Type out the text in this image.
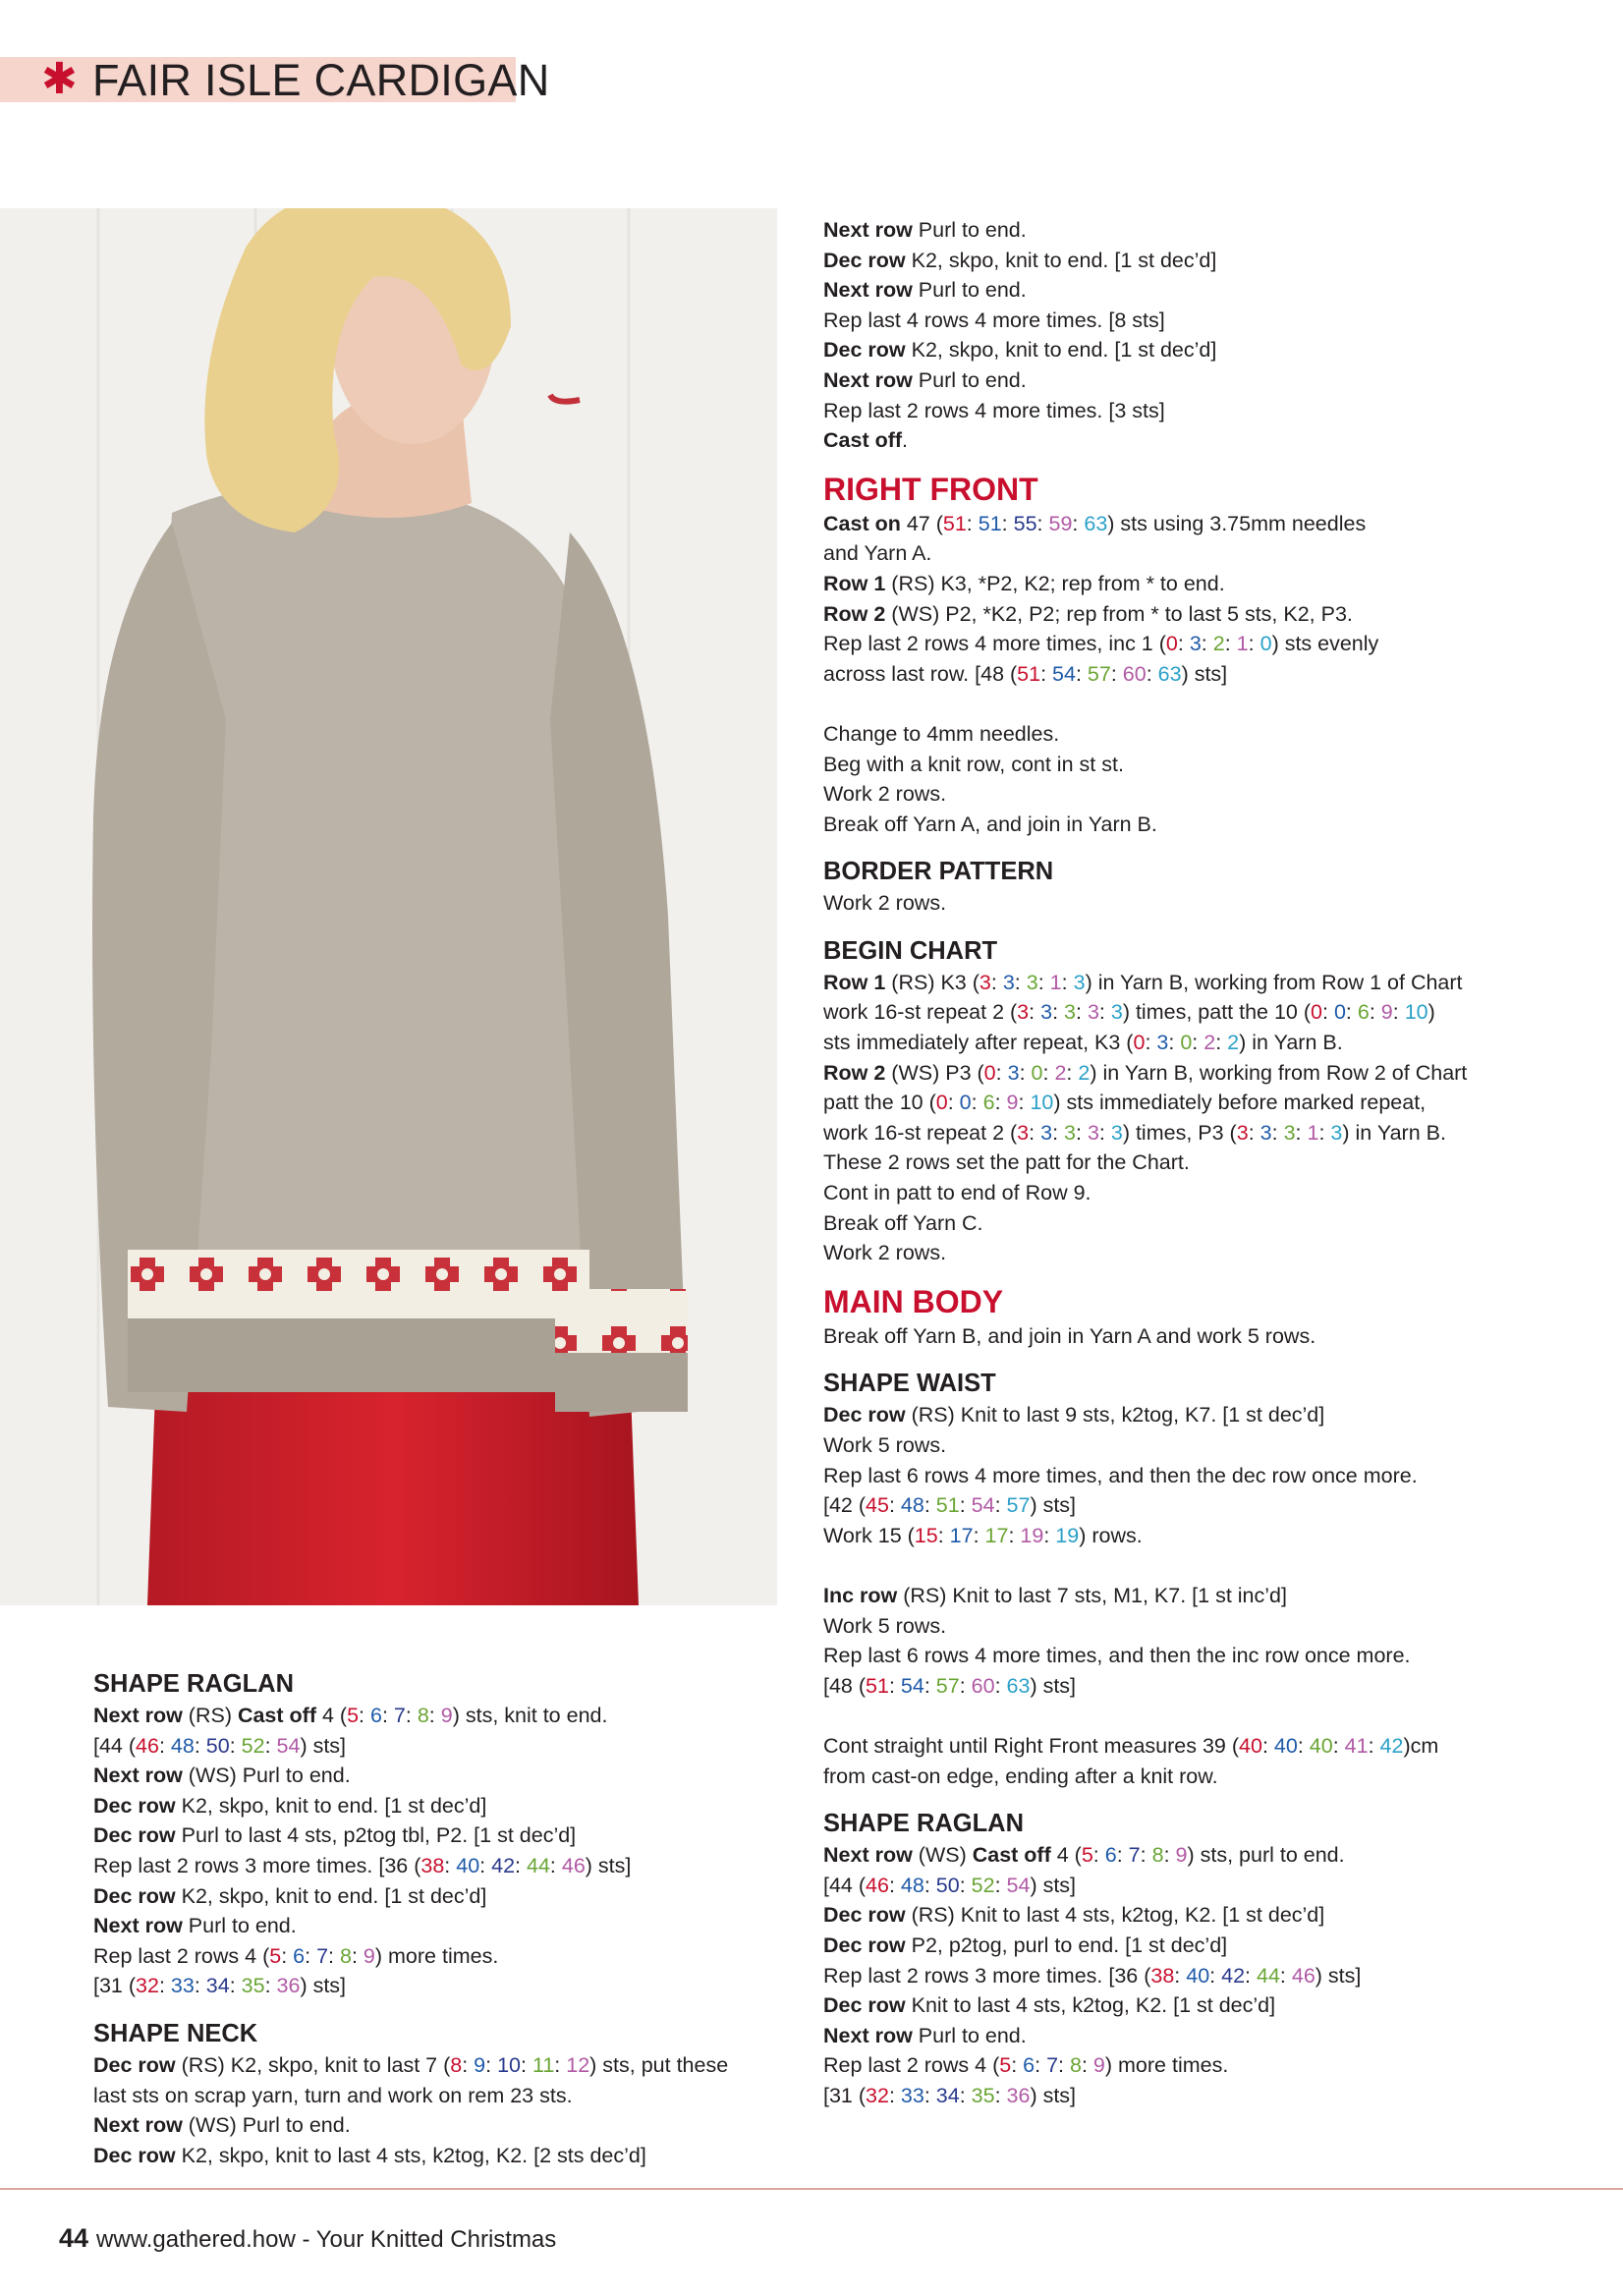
✱ FAIR ISLE CARDIGAN
SHAPE RAGLAN
Next row (RS) Cast off 4 (5: 6: 7: 8: 9) sts, knit to end.
[44 (46: 48: 50: 52: 54) sts]
Next row (WS) Purl to end.
Dec row K2, skpo, knit to end. [1 st dec’d]
Dec row Purl to last 4 sts, p2tog tbl, P2. [1 st dec’d]
Rep last 2 rows 3 more times. [36 (38: 40: 42: 44: 46) sts]
Dec row K2, skpo, knit to end. [1 st dec’d]
Next row Purl to end.
Rep last 2 rows 4 (5: 6: 7: 8: 9) more times.
[31 (32: 33: 34: 35: 36) sts]
SHAPE NECK
Dec row (RS) K2, skpo, knit to last 7 (8: 9: 10: 11: 12) sts, put these
last sts on scrap yarn, turn and work on rem 23 sts.
Next row (WS) Purl to end.
Dec row K2, skpo, knit to last 4 sts, k2tog, K2. [2 sts dec’d]
Next row Purl to end.
Dec row K2, skpo, knit to end. [1 st dec’d]
Next row Purl to end.
Rep last 4 rows 4 more times. [8 sts]
Dec row K2, skpo, knit to end. [1 st dec’d]
Next row Purl to end.
Rep last 2 rows 4 more times. [3 sts]
Cast off.
RIGHT FRONT
Cast on 47 (51: 51: 55: 59: 63) sts using 3.75mm needles
and Yarn A.
Row 1 (RS) K3, *P2, K2; rep from * to end.
Row 2 (WS) P2, *K2, P2; rep from * to last 5 sts, K2, P3.
Rep last 2 rows 4 more times, inc 1 (0: 3: 2: 1: 0) sts evenly
across last row. [48 (51: 54: 57: 60: 63) sts]
Change to 4mm needles.
Beg with a knit row, cont in st st.
Work 2 rows.
Break off Yarn A, and join in Yarn B.
BORDER PATTERN
Work 2 rows.
BEGIN CHART
Row 1 (RS) K3 (3: 3: 3: 1: 3) in Yarn B, working from Row 1 of Chart
work 16-st repeat 2 (3: 3: 3: 3: 3) times, patt the 10 (0: 0: 6: 9: 10)
sts immediately after repeat, K3 (0: 3: 0: 2: 2) in Yarn B.
Row 2 (WS) P3 (0: 3: 0: 2: 2) in Yarn B, working from Row 2 of Chart
patt the 10 (0: 0: 6: 9: 10) sts immediately before marked repeat,
work 16-st repeat 2 (3: 3: 3: 3: 3) times, P3 (3: 3: 3: 1: 3) in Yarn B.
These 2 rows set the patt for the Chart.
Cont in patt to end of Row 9.
Break off Yarn C.
Work 2 rows.
MAIN BODY
Break off Yarn B, and join in Yarn A and work 5 rows.
SHAPE WAIST
Dec row (RS) Knit to last 9 sts, k2tog, K7. [1 st dec’d]
Work 5 rows.
Rep last 6 rows 4 more times, and then the dec row once more.
[42 (45: 48: 51: 54: 57) sts]
Work 15 (15: 17: 17: 19: 19) rows.
Inc row (RS) Knit to last 7 sts, M1, K7. [1 st inc’d]
Work 5 rows.
Rep last 6 rows 4 more times, and then the inc row once more.
[48 (51: 54: 57: 60: 63) sts]
Cont straight until Right Front measures 39 (40: 40: 40: 41: 42)cm
from cast-on edge, ending after a knit row.
SHAPE RAGLAN
Next row (WS) Cast off 4 (5: 6: 7: 8: 9) sts, purl to end.
[44 (46: 48: 50: 52: 54) sts]
Dec row (RS) Knit to last 4 sts, k2tog, K2. [1 st dec’d]
Dec row P2, p2tog, purl to end. [1 st dec’d]
Rep last 2 rows 3 more times. [36 (38: 40: 42: 44: 46) sts]
Dec row Knit to last 4 sts, k2tog, K2. [1 st dec’d]
Next row Purl to end.
Rep last 2 rows 4 (5: 6: 7: 8: 9) more times.
[31 (32: 33: 34: 35: 36) sts]
44 www.gathered.how - Your Knitted Christmas
